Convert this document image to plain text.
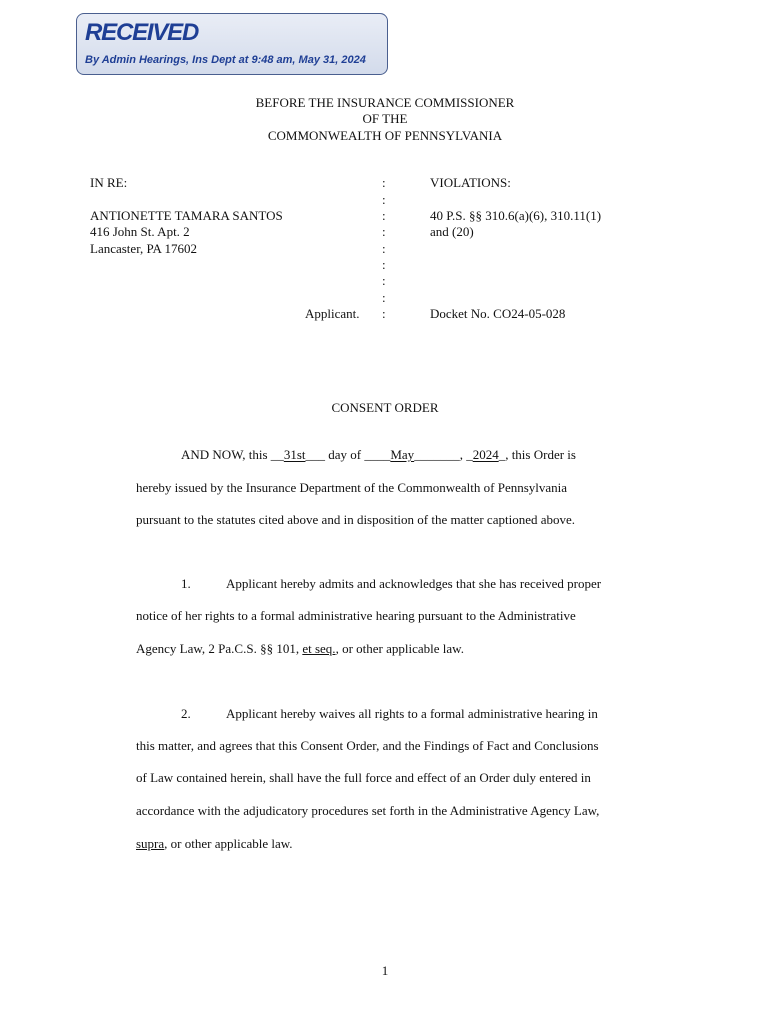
RECEIVED
By Admin Hearings, Ins Dept at 9:48 am, May 31, 2024
BEFORE THE INSURANCE COMMISSIONER
OF THE
COMMONWEALTH OF PENNSYLVANIA
IN RE:
ANTIONETTE TAMARA SANTOS
416 John St. Apt. 2
Lancaster, PA 17602
Applicant.
:
:
:
:
:
:
:
:
:
VIOLATIONS:
40 P.S. §§ 310.6(a)(6), 310.11(1)
and (20)
Docket No. CO24-05-028
CONSENT ORDER
AND NOW, this __31st___ day of ____May_______, _2024_, this Order is
hereby issued by the Insurance Department of the Commonwealth of Pennsylvania
pursuant to the statutes cited above and in disposition of the matter captioned above.
1.	Applicant hereby admits and acknowledges that she has received proper
notice of her rights to a formal administrative hearing pursuant to the Administrative
Agency Law, 2 Pa.C.S. §§ 101, et seq., or other applicable law.
2.	Applicant hereby waives all rights to a formal administrative hearing in
this matter, and agrees that this Consent Order, and the Findings of Fact and Conclusions
of Law contained herein, shall have the full force and effect of an Order duly entered in
accordance with the adjudicatory procedures set forth in the Administrative Agency Law,
supra, or other applicable law.
1
